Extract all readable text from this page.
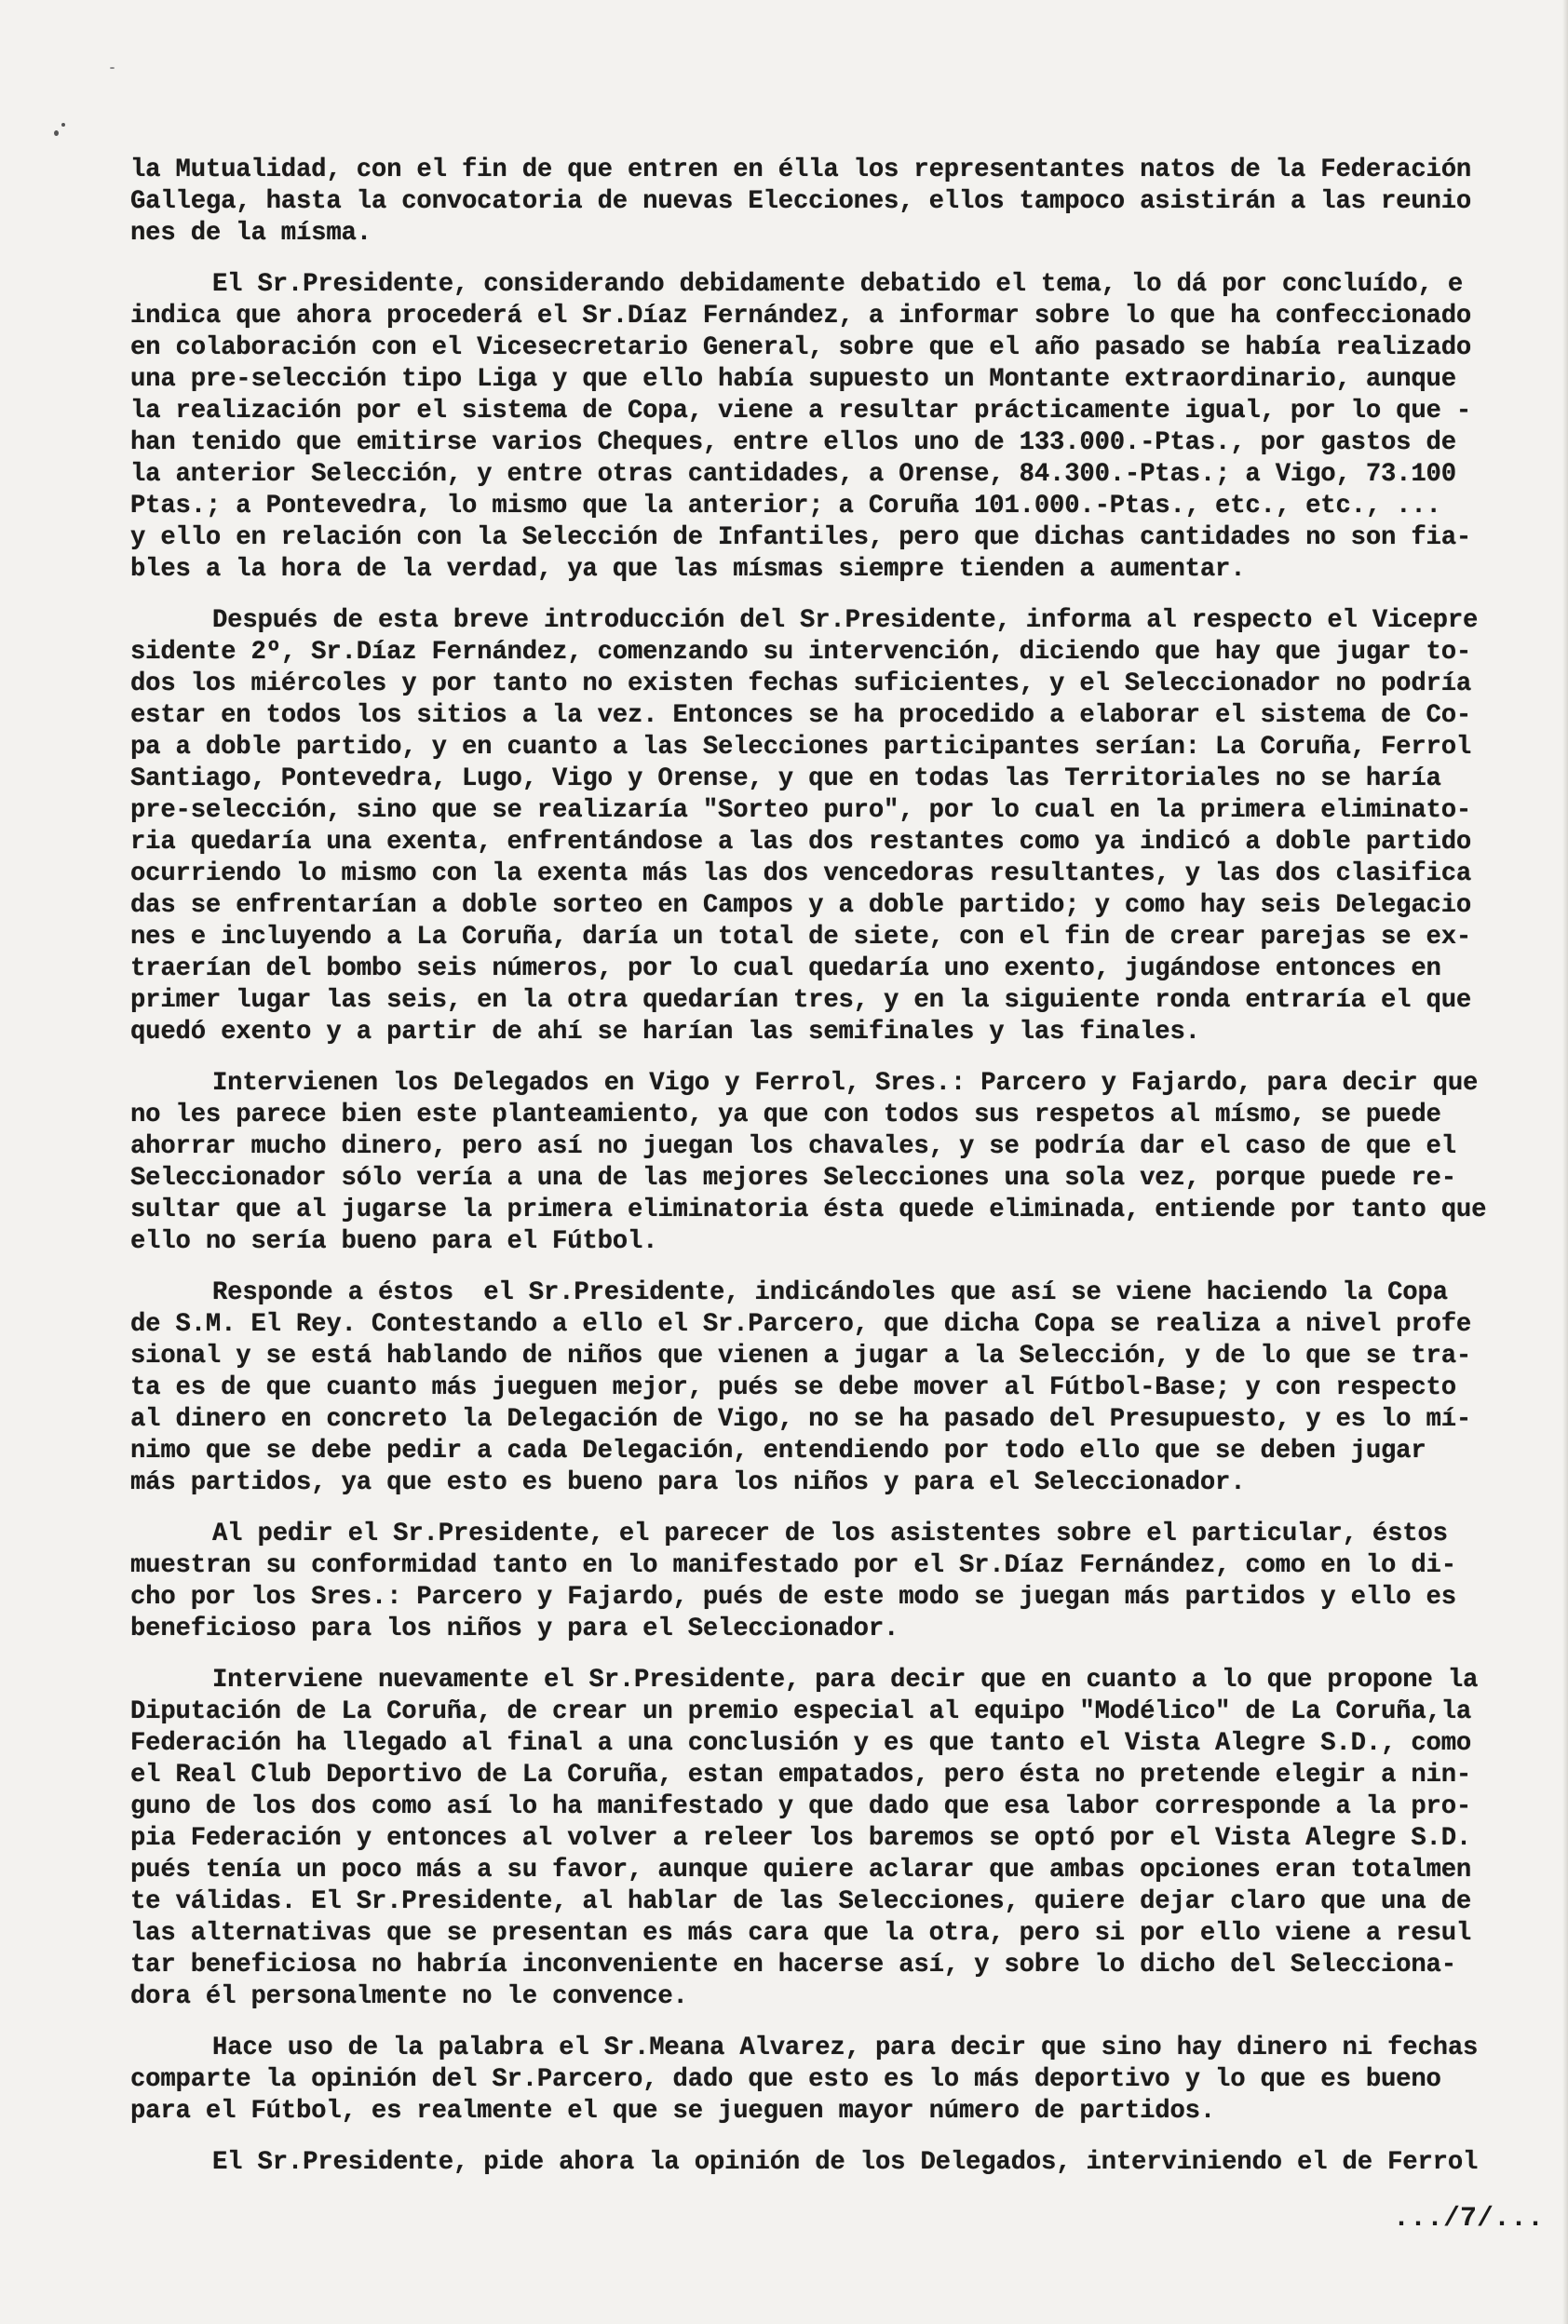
la Mutualidad, con el fin de que entren en élla los representantes natos de la Federación
Gallega, hasta la convocatoria de nuevas Elecciones, ellos tampoco asistirán a las reunio
nes de la mísma.
El Sr.Presidente, considerando debidamente debatido el tema, lo dá por concluído, e
indica que ahora procederá el Sr.Díaz Fernández, a informar sobre lo que ha confeccionado
en colaboración con el Vicesecretario General, sobre que el año pasado se había realizado
una pre-selección tipo Liga y que ello había supuesto un Montante extraordinario, aunque
la realización por el sistema de Copa, viene a resultar prácticamente igual, por lo que -
han tenido que emitirse varios Cheques, entre ellos uno de 133.000.-Ptas., por gastos de
la anterior Selección, y entre otras cantidades, a Orense, 84.300.-Ptas.; a Vigo, 73.100
Ptas.; a Pontevedra, lo mismo que la anterior; a Coruña 101.000.-Ptas., etc., etc., ...
y ello en relación con la Selección de Infantiles, pero que dichas cantidades no son fia-
bles a la hora de la verdad, ya que las mísmas siempre tienden a aumentar.
Después de esta breve introducción del Sr.Presidente, informa al respecto el Vicepre
sidente 2º, Sr.Díaz Fernández, comenzando su intervención, diciendo que hay que jugar to-
dos los miércoles y por tanto no existen fechas suficientes, y el Seleccionador no podría
estar en todos los sitios a la vez. Entonces se ha procedido a elaborar el sistema de Co-
pa a doble partido, y en cuanto a las Selecciones participantes serían: La Coruña, Ferrol
Santiago, Pontevedra, Lugo, Vigo y Orense, y que en todas las Territoriales no se haría
pre-selección, sino que se realizaría "Sorteo puro", por lo cual en la primera eliminato-
ria quedaría una exenta, enfrentándose a las dos restantes como ya indicó a doble partido
ocurriendo lo mismo con la exenta más las dos vencedoras resultantes, y las dos clasifica
das se enfrentarían a doble sorteo en Campos y a doble partido; y como hay seis Delegacio
nes e incluyendo a La Coruña, daría un total de siete, con el fin de crear parejas se ex-
traerían del bombo seis números, por lo cual quedaría uno exento, jugándose entonces en
primer lugar las seis, en la otra quedarían tres, y en la siguiente ronda entraría el que
quedó exento y a partir de ahí se harían las semifinales y las finales.
Intervienen los Delegados en Vigo y Ferrol, Sres.: Parcero y Fajardo, para decir que
no les parece bien este planteamiento, ya que con todos sus respetos al mísmo, se puede
ahorrar mucho dinero, pero así no juegan los chavales, y se podría dar el caso de que el
Seleccionador sólo vería a una de las mejores Selecciones una sola vez, porque puede re-
sultar que al jugarse la primera eliminatoria ésta quede eliminada, entiende por tanto que
ello no sería bueno para el Fútbol.
Responde a éstos  el Sr.Presidente, indicándoles que así se viene haciendo la Copa
de S.M. El Rey. Contestando a ello el Sr.Parcero, que dicha Copa se realiza a nivel profe
sional y se está hablando de niños que vienen a jugar a la Selección, y de lo que se tra-
ta es de que cuanto más jueguen mejor, pués se debe mover al Fútbol-Base; y con respecto
al dinero en concreto la Delegación de Vigo, no se ha pasado del Presupuesto, y es lo mí-
nimo que se debe pedir a cada Delegación, entendiendo por todo ello que se deben jugar
más partidos, ya que esto es bueno para los niños y para el Seleccionador.
Al pedir el Sr.Presidente, el parecer de los asistentes sobre el particular, éstos
muestran su conformidad tanto en lo manifestado por el Sr.Díaz Fernández, como en lo di-
cho por los Sres.: Parcero y Fajardo, pués de este modo se juegan más partidos y ello es
beneficioso para los niños y para el Seleccionador.
Interviene nuevamente el Sr.Presidente, para decir que en cuanto a lo que propone la
Diputación de La Coruña, de crear un premio especial al equipo "Modélico" de La Coruña,la
Federación ha llegado al final a una conclusión y es que tanto el Vista Alegre S.D., como
el Real Club Deportivo de La Coruña, estan empatados, pero ésta no pretende elegir a nin-
guno de los dos como así lo ha manifestado y que dado que esa labor corresponde a la pro-
pia Federación y entonces al volver a releer los baremos se optó por el Vista Alegre S.D.
pués tenía un poco más a su favor, aunque quiere aclarar que ambas opciones eran totalmen
te válidas. El Sr.Presidente, al hablar de las Selecciones, quiere dejar claro que una de
las alternativas que se presentan es más cara que la otra, pero si por ello viene a resul
tar beneficiosa no habría inconveniente en hacerse así, y sobre lo dicho del Selecciona-
dora él personalmente no le convence.
Hace uso de la palabra el Sr.Meana Alvarez, para decir que sino hay dinero ni fechas
comparte la opinión del Sr.Parcero, dado que esto es lo más deportivo y lo que es bueno
para el Fútbol, es realmente el que se jueguen mayor número de partidos.
El Sr.Presidente, pide ahora la opinión de los Delegados, interviniendo el de Ferrol
.../7/...
